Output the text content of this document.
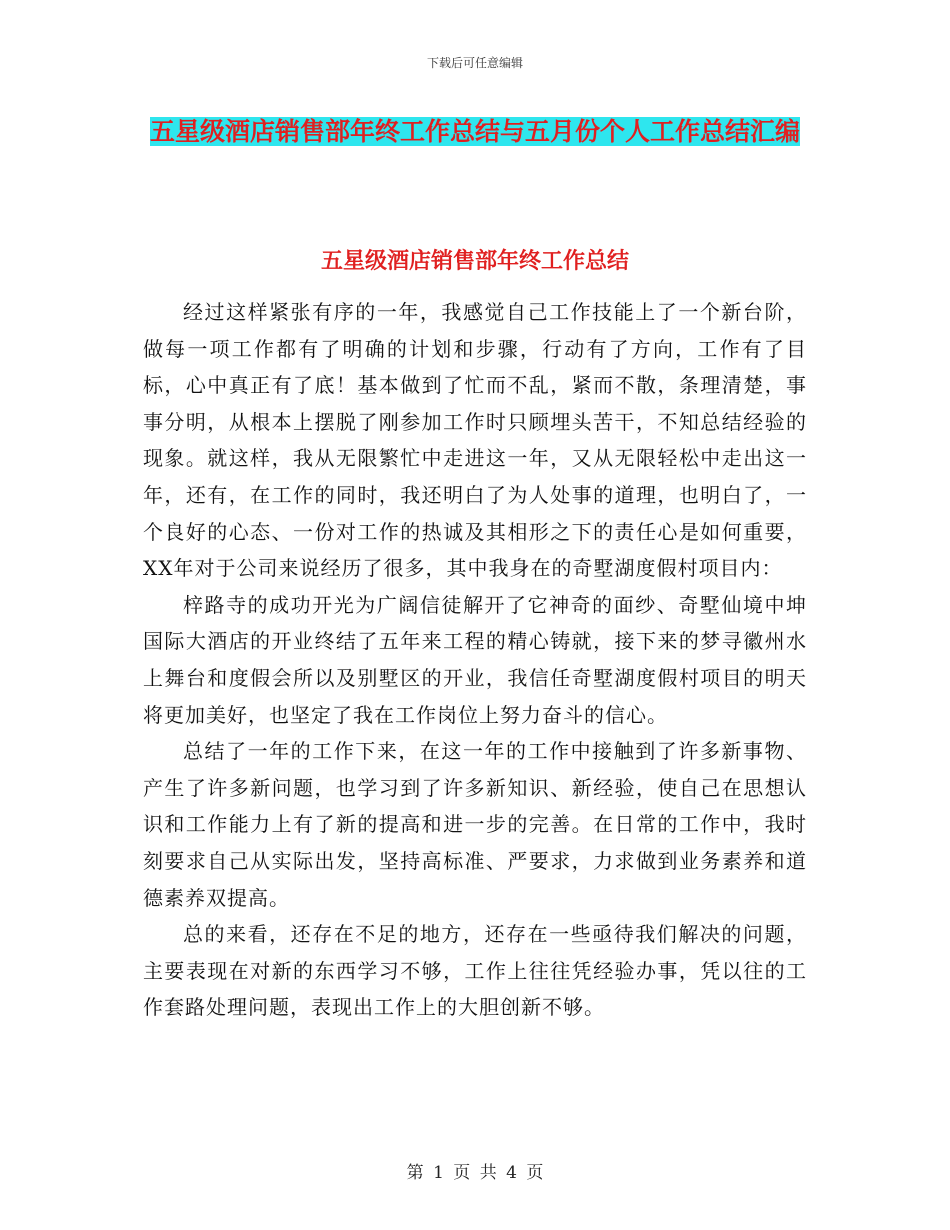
下载后可任意编辑
五星级酒店销售部年终工作总结与五月份个人工作总结汇编
五星级酒店销售部年终工作总结

经过这样紧张有序的一年，我感觉自己工作技能上了一个新台阶，做每一项工作都有了明确的计划和步骤，行动有了方向，工作有了目标，心中真正有了底！基本做到了忙而不乱，紧而不散，条理清楚，事事分明，从根本上摆脱了刚参加工作时只顾埋头苦干，不知总结经验的现象。就这样，我从无限繁忙中走进这一年，又从无限轻松中走出这一年，还有，在工作的同时，我还明白了为人处事的道理，也明白了，一个良好的心态、一份对工作的热诚及其相形之下的责任心是如何重要，XX年对于公司来说经历了很多，其中我身在的奇墅湖度假村项目内：

梓路寺的成功开光为广阔信徒解开了它神奇的面纱、奇墅仙境中坤国际大酒店的开业终结了五年来工程的精心铸就，接下来的梦寻徽州水上舞台和度假会所以及别墅区的开业，我信任奇墅湖度假村项目的明天将更加美好，也坚定了我在工作岗位上努力奋斗的信心。

总结了一年的工作下来，在这一年的工作中接触到了许多新事物、产生了许多新问题，也学习到了许多新知识、新经验，使自己在思想认识和工作能力上有了新的提高和进一步的完善。在日常的工作中，我时刻要求自己从实际出发，坚持高标准、严要求，力求做到业务素养和道德素养双提高。

总的来看，还存在不足的地方，还存在一些亟待我们解决的问题，主要表现在对新的东西学习不够，工作上往往凭经验办事，凭以往的工作套路处理问题，表现出工作上的大胆创新不够。

第 1 页 共 4 页
